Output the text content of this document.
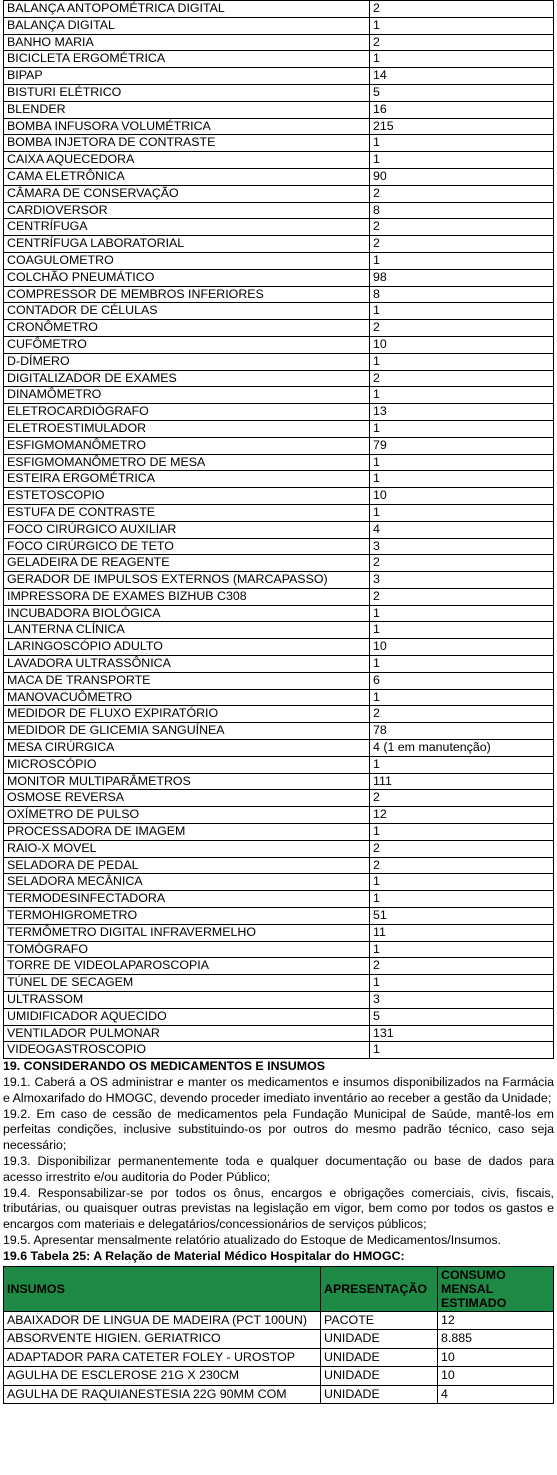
BALANÇA ANTOPOMÉTRICA DIGITAL	2
BALANÇA DIGITAL	1
BANHO MARIA	2
BICICLETA ERGOMÉTRICA	1
BIPAP	14
BISTURI ELÉTRICO	5
BLENDER	16
BOMBA INFUSORA VOLUMÉTRICA	215
BOMBA INJETORA DE CONTRASTE	1
CAIXA AQUECEDORA	1
CAMA ELETRÔNICA	90
CÂMARA DE CONSERVAÇÃO	2
CARDIOVERSOR	8
CENTRÍFUGA	2
CENTRÍFUGA LABORATORIAL	2
COAGULOMETRO	1
COLCHÃO PNEUMÁTICO	98
COMPRESSOR DE MEMBROS INFERIORES	8
CONTADOR DE CÉLULAS	1
CRONÔMETRO	2
CUFÔMETRO	10
D-DÍMERO	1
DIGITALIZADOR DE EXAMES	2
DINAMÔMETRO	1
ELETROCARDIÓGRAFO	13
ELETROESTIMULADOR	1
ESFIGMOMANÔMETRO	79
ESFIGMOMANÔMETRO DE MESA	1
ESTEIRA ERGOMÉTRICA	1
ESTETOSCOPIO	10
ESTUFA DE CONTRASTE	1
FOCO CIRÚRGICO AUXILIAR	4
FOCO CIRÚRGICO DE TETO	3
GELADEIRA DE REAGENTE	2
GERADOR DE IMPULSOS EXTERNOS (MARCAPASSO)	3
IMPRESSORA DE EXAMES BIZHUB C308	2
INCUBADORA BIOLÓGICA	1
LANTERNA CLÍNICA	1
LARINGOSCÓPIO ADULTO	10
LAVADORA ULTRASSÔNICA	1
MACA DE TRANSPORTE	6
MANOVACUÔMETRO	1
MEDIDOR DE FLUXO EXPIRATÓRIO	2
MEDIDOR DE GLICEMIA SANGUÍNEA	78
MESA CIRÚRGICA	4 (1 em manutenção)
MICROSCÓPIO	1
MONITOR MULTIPARÂMETROS	111
OSMOSE REVERSA	2
OXÍMETRO DE PULSO	12
PROCESSADORA DE IMAGEM	1
RAIO-X MOVEL	2
SELADORA DE PEDAL	2
SELADORA MECÂNICA	1
TERMODESINFECTADORA	1
TERMOHIGROMETRO	51
TERMÔMETRO DIGITAL INFRAVERMELHO	11
TOMÓGRAFO	1
TORRE DE VIDEOLAPAROSCOPIA	2
TÚNEL DE SECAGEM	1
ULTRASSOM	3
UMIDIFICADOR AQUECIDO	5
VENTILADOR PULMONAR	131
VIDEOGASTROSCOPIO	1

19. CONSIDERANDO OS MEDICAMENTOS E INSUMOS

19.1. Caberá a OS administrar e manter os medicamentos e insumos disponibilizados na Farmácia e Almoxarifado do HMOGC, devendo proceder imediato inventário ao receber a gestão da Unidade;

19.2. Em caso de cessão de medicamentos pela Fundação Municipal de Saúde, mantê-los em perfeitas condições, inclusive substituindo-os por outros do mesmo padrão técnico, caso seja necessário;

19.3. Disponibilizar permanentemente toda e qualquer documentação ou base de dados para acesso irrestrito e/ou auditoria do Poder Público;

19.4. Responsabilizar-se por todos os ônus, encargos e obrigações comerciais, civis, fiscais, tributárias, ou quaisquer outras previstas na legislação em vigor, bem como por todos os gastos e encargos com materiais e delegatários/concessionários de serviços públicos;

19.5. Apresentar mensalmente relatório atualizado do Estoque de Medicamentos/Insumos.

19.6 Tabela 25: A Relação de Material Médico Hospitalar do HMOGC:

INSUMOS	APRESENTAÇÃO	CONSUMO MENSAL ESTIMADO
ABAIXADOR DE LINGUA DE MADEIRA (PCT 100UN)	PACOTE	12
ABSORVENTE HIGIEN. GERIATRICO	UNIDADE	8.885
ADAPTADOR PARA CATETER FOLEY - UROSTOP	UNIDADE	10
AGULHA DE ESCLEROSE 21G X 230CM	UNIDADE	10
AGULHA DE RAQUIANESTESIA 22G 90MM COM	UNIDADE	4
